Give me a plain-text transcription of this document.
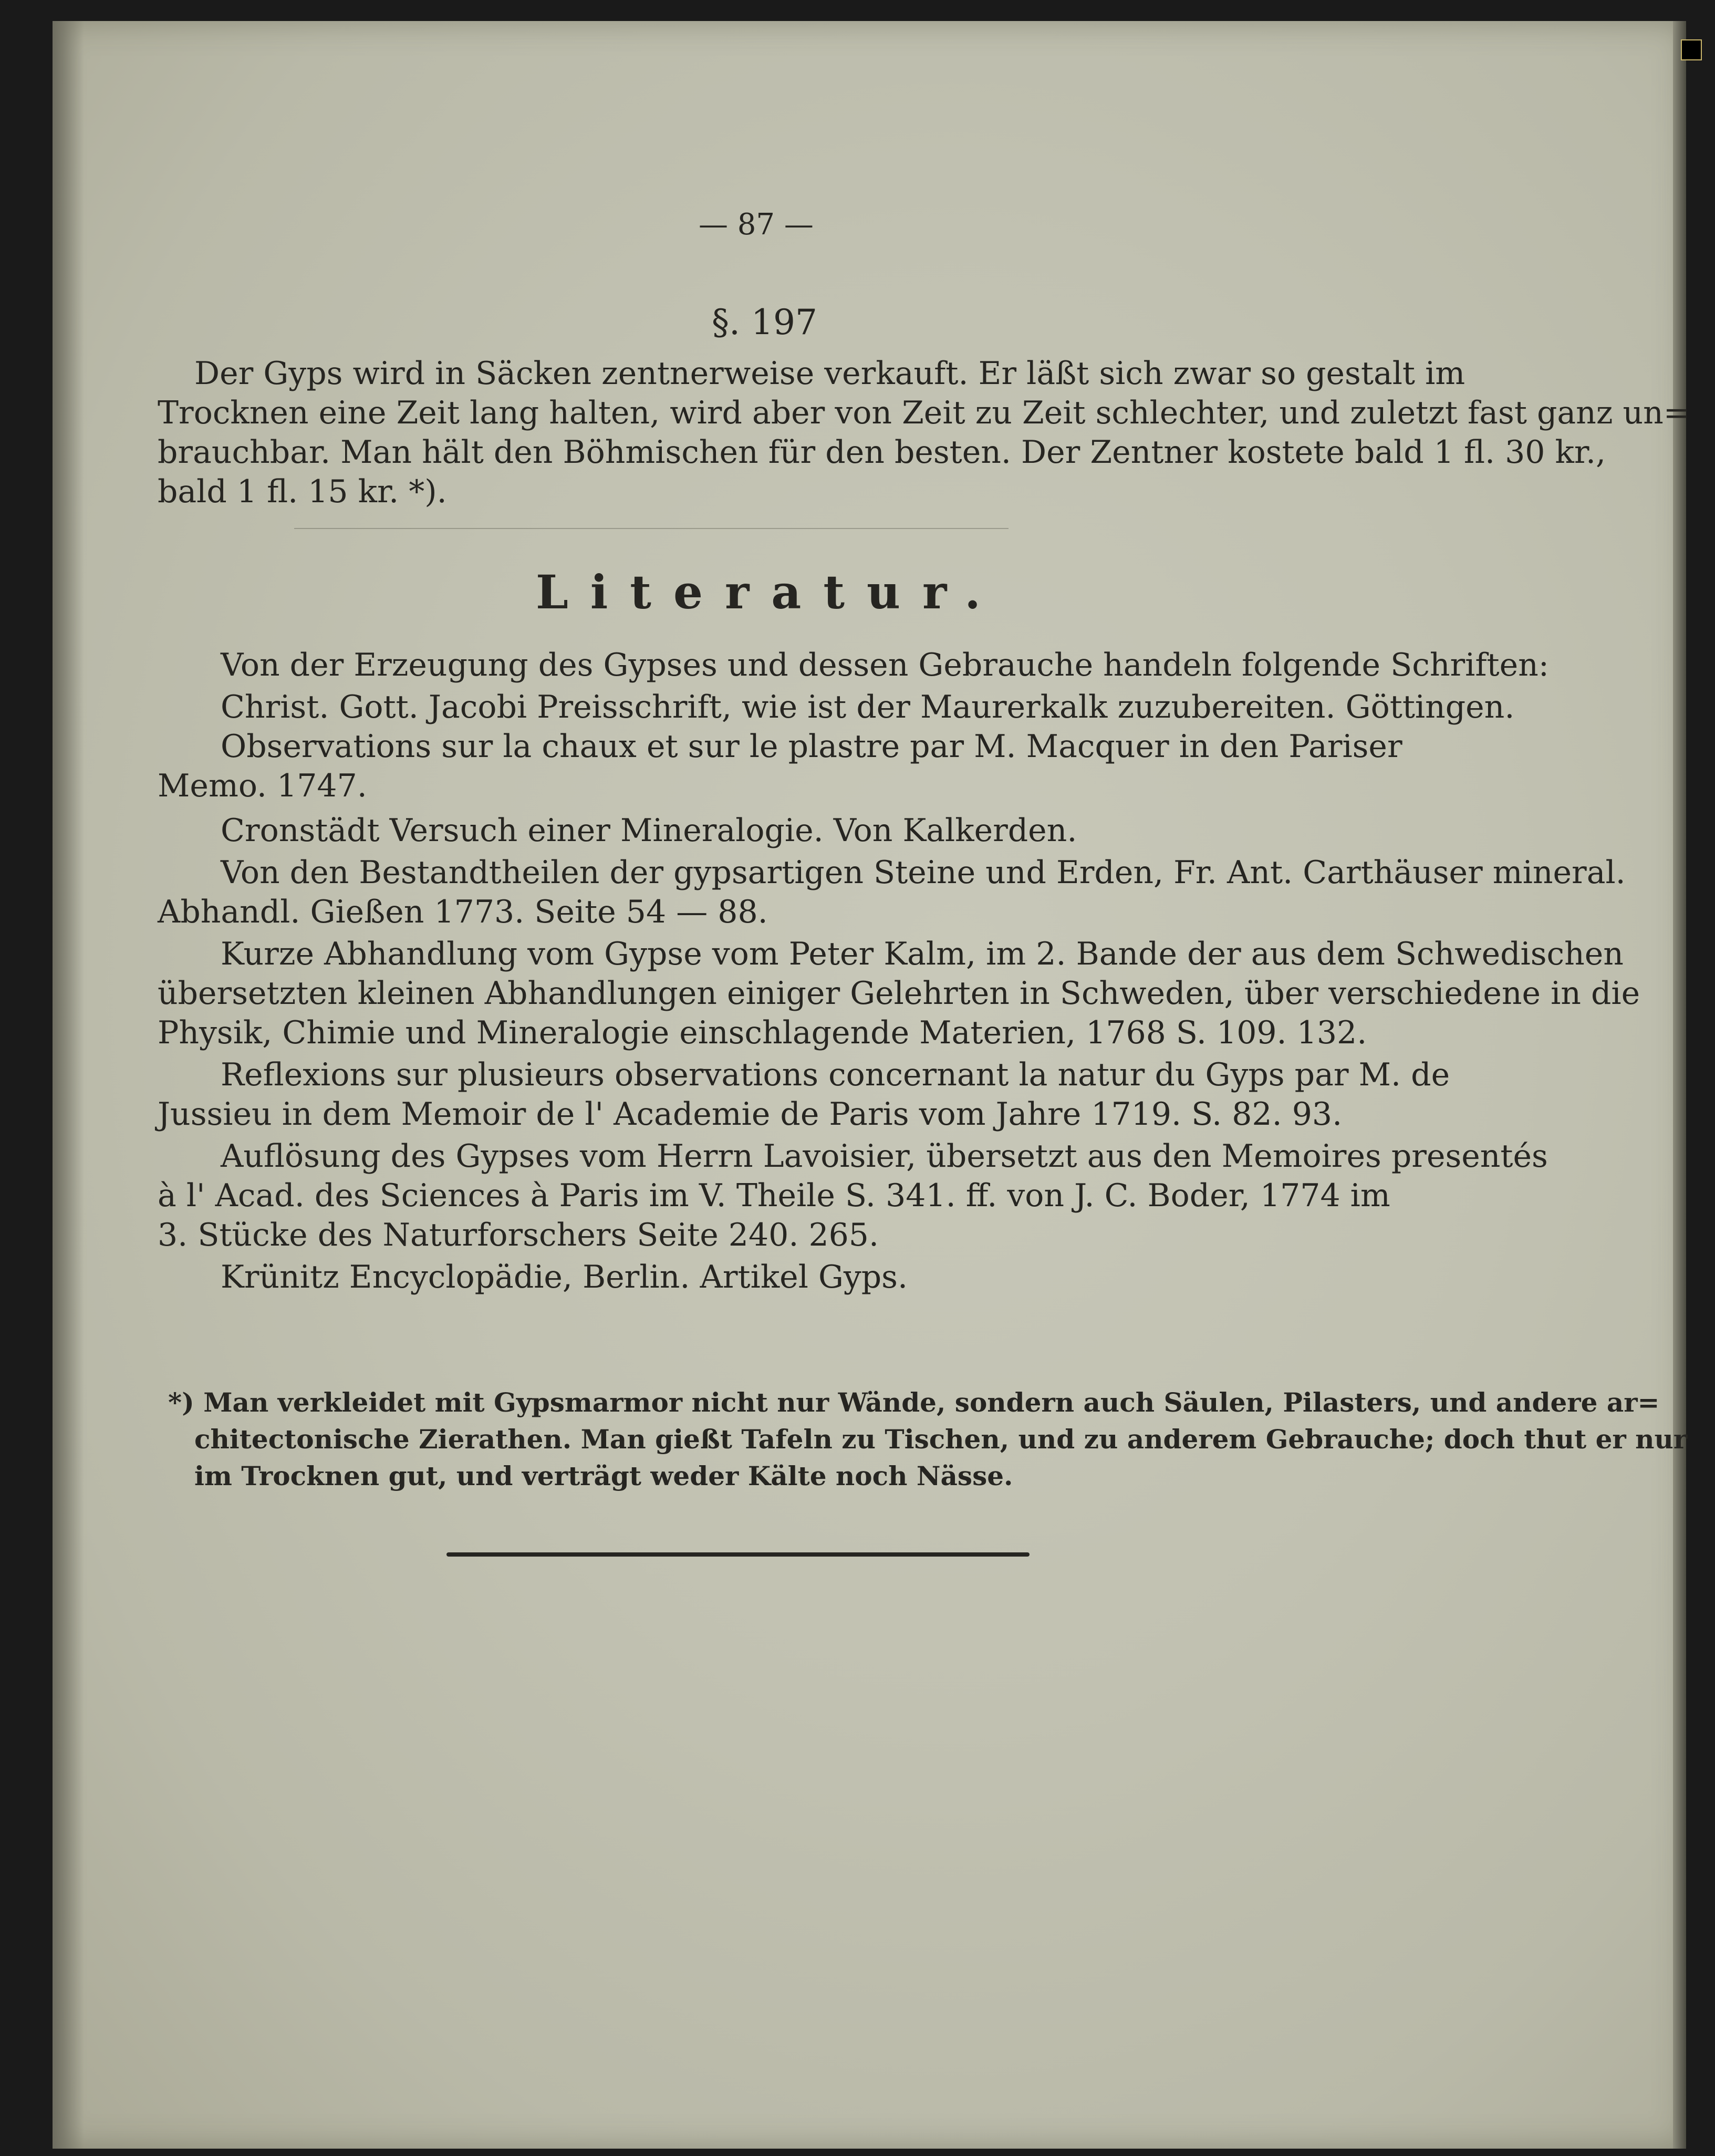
— 87 —
§. 197

Der Gyps wird in Säcken zentnerweise verkauft. Er läßt sich zwar so gestalt im

Trocknen eine Zeit lang halten, wird aber von Zeit zu Zeit schlechter, und zuletzt fast ganz un=

brauchbar. Man hält den Böhmischen für den besten. Der Zentner kostete bald 1 fl. 30 kr.,

bald 1 fl. 15 kr. *).

Literatur.

Von der Erzeugung des Gypses und dessen Gebrauche handeln folgende Schriften:

Christ. Gott. Jacobi Preisschrift, wie ist der Maurerkalk zuzubereiten. Göttingen.

Observations sur la chaux et sur le plastre par M. Macquer in den Pariser

Memo. 1747.

Cronstädt Versuch einer Mineralogie. Von Kalkerden.

Von den Bestandtheilen der gypsartigen Steine und Erden, Fr. Ant. Carthäuser mineral.

Abhandl. Gießen 1773. Seite 54 — 88.

Kurze Abhandlung vom Gypse vom Peter Kalm, im 2. Bande der aus dem Schwedischen

übersetzten kleinen Abhandlungen einiger Gelehrten in Schweden, über verschiedene in die

Physik, Chimie und Mineralogie einschlagende Materien, 1768 S. 109. 132.

Reflexions sur plusieurs observations concernant la natur du Gyps par M. de

Jussieu in dem Memoir de l' Academie de Paris vom Jahre 1719. S. 82. 93.

Auflösung des Gypses vom Herrn Lavoisier, übersetzt aus den Memoires presentés

à l' Acad. des Sciences à Paris im V. Theile S. 341. ff. von J. C. Boder, 1774 im

3. Stücke des Naturforschers Seite 240. 265.

Krünitz Encyclopädie, Berlin. Artikel Gyps.

*) Man verkleidet mit Gypsmarmor nicht nur Wände, sondern auch Säulen, Pilasters, und andere ar=

chitectonische Zierathen. Man gießt Tafeln zu Tischen, und zu anderem Gebrauche; doch thut er nur

im Trocknen gut, und verträgt weder Kälte noch Nässe.
